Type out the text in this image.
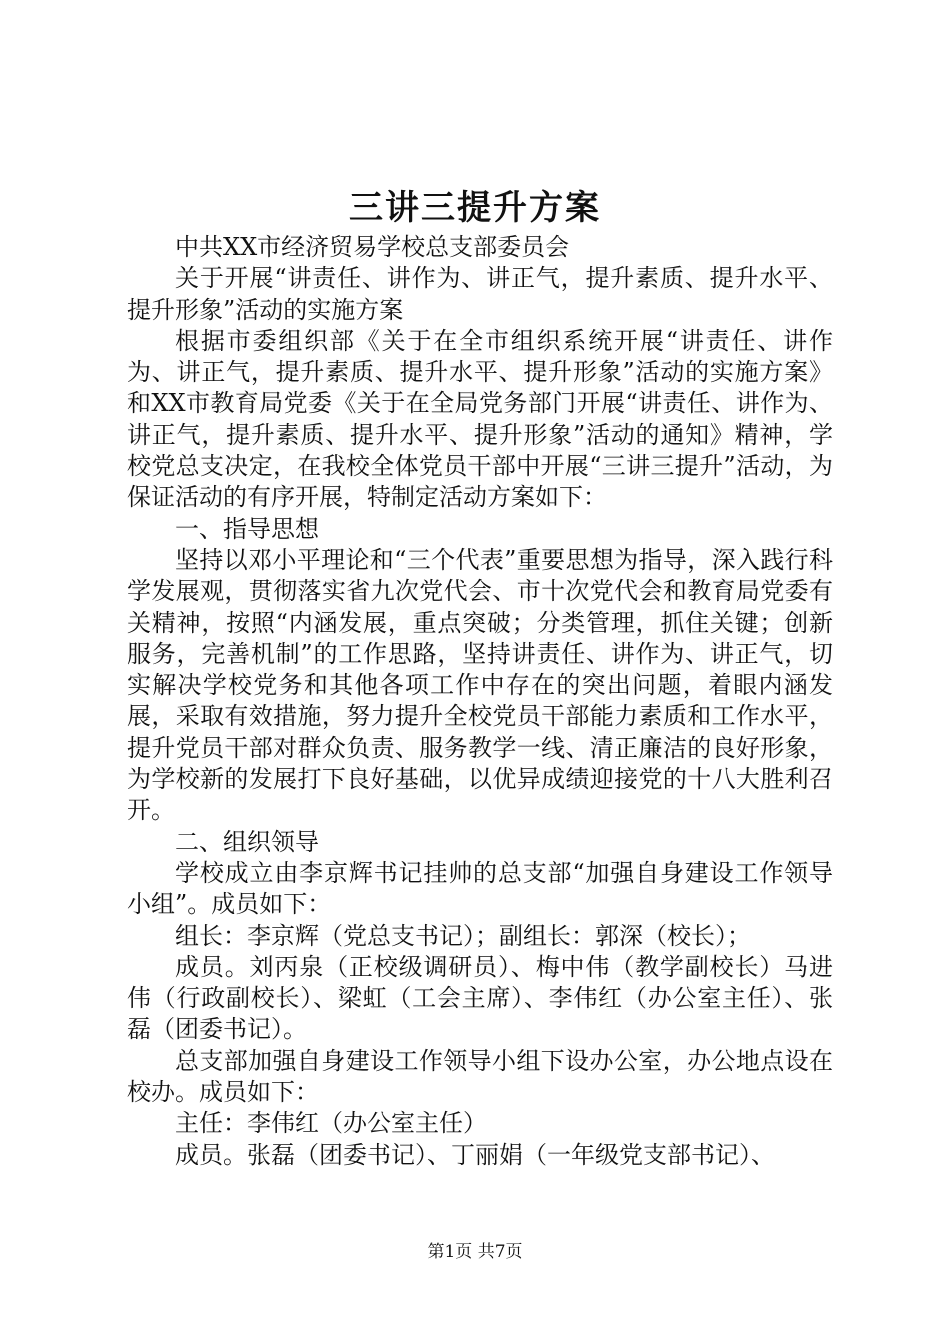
三讲三提升方案

中共XX市经济贸易学校总支部委员会

关于开展“讲责任、讲作为、讲正气，提升素质、提升水平、提升形象”活动的实施方案

根据市委组织部《关于在全市组织系统开展“讲责任、讲作为、讲正气，提升素质、提升水平、提升形象”活动的实施方案》和XX市教育局党委《关于在全局党务部门开展“讲责任、讲作为、讲正气，提升素质、提升水平、提升形象”活动的通知》精神，学校党总支决定，在我校全体党员干部中开展“三讲三提升”活动，为保证活动的有序开展，特制定活动方案如下：

一、指导思想

坚持以邓小平理论和“三个代表”重要思想为指导，深入践行科学发展观，贯彻落实省九次党代会、市十次党代会和教育局党委有关精神，按照“内涵发展，重点突破；分类管理，抓住关键；创新服务，完善机制”的工作思路，坚持讲责任、讲作为、讲正气，切实解决学校党务和其他各项工作中存在的突出问题，着眼内涵发展，采取有效措施，努力提升全校党员干部能力素质和工作水平，提升党员干部对群众负责、服务教学一线、清正廉洁的良好形象，为学校新的发展打下良好基础，以优异成绩迎接党的十八大胜利召开。

二、组织领导

学校成立由李京辉书记挂帅的总支部“加强自身建设工作领导小组”。成员如下：

组长：李京辉（党总支书记）；副组长：郭深（校长）；

成员。刘丙泉（正校级调研员）、梅中伟（教学副校长）马进伟（行政副校长）、梁虹（工会主席）、李伟红（办公室主任）、张磊（团委书记）。

总支部加强自身建设工作领导小组下设办公室，办公地点设在校办。成员如下：

主任：李伟红（办公室主任）

成员。张磊（团委书记）、丁丽娟（一年级党支部书记）、

第1页 共7页
